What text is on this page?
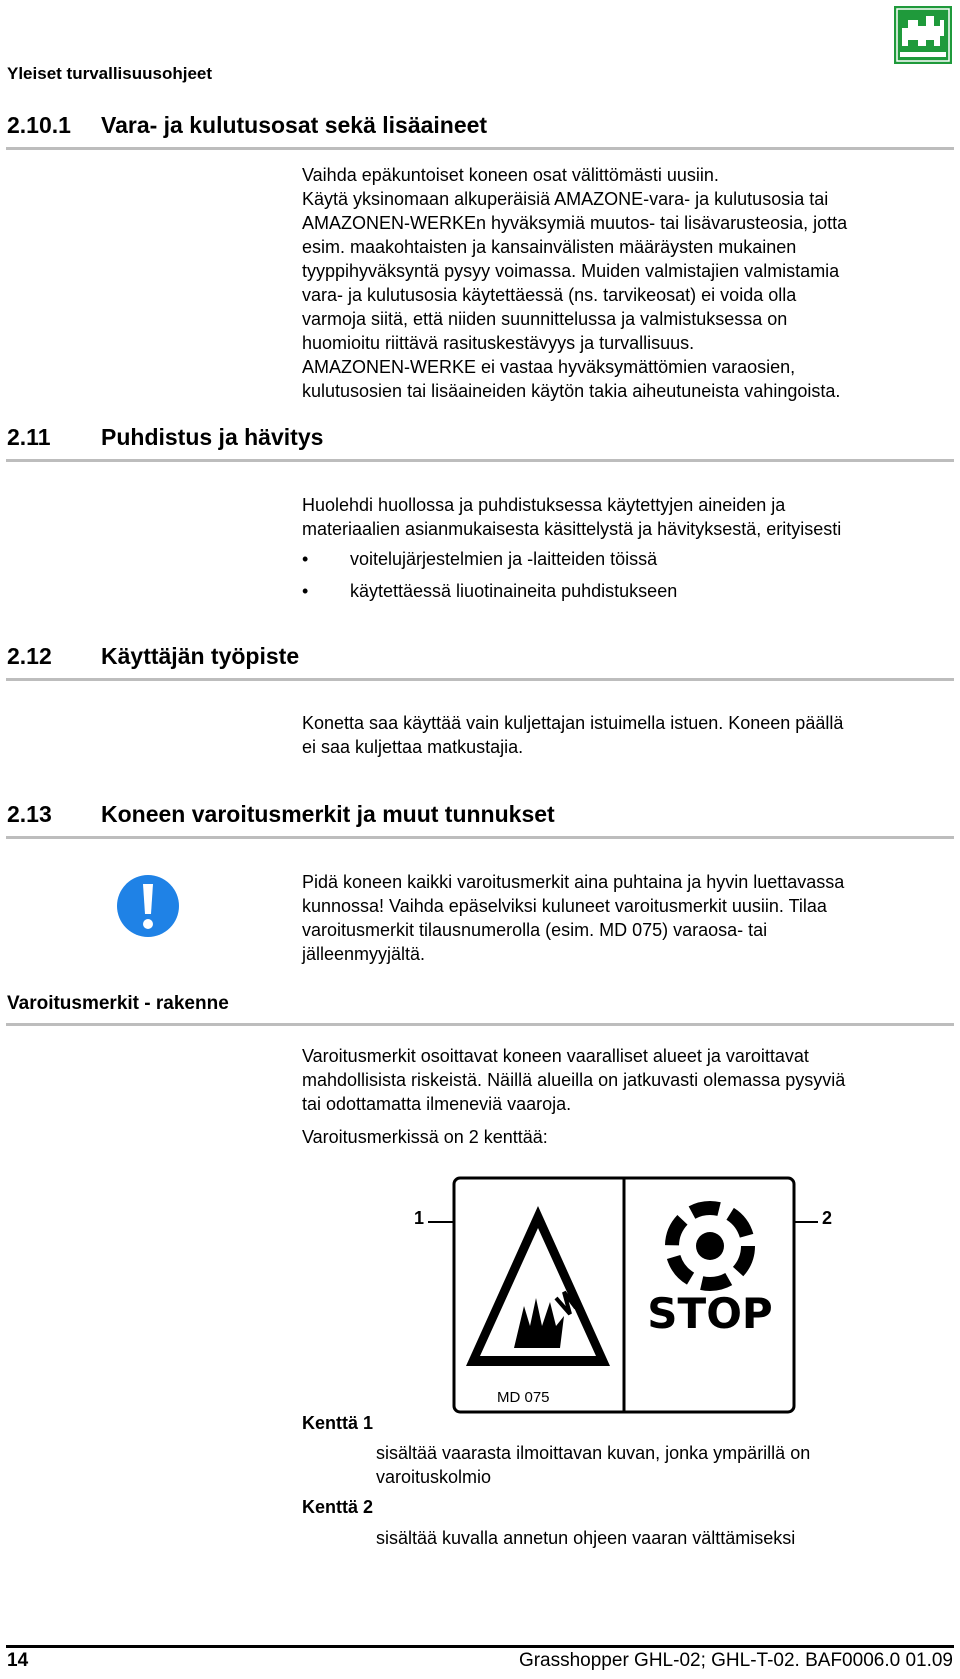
Yleiset turvallisuusohjeet
2.10.1 Vara- ja kulutusosat sekä lisäaineet

Vaihda epäkuntoiset koneen osat välittömästi uusiin.

Käytä yksinomaan alkuperäisiä AMAZONE-vara- ja kulutusosia tai

AMAZONEN-WERKEn hyväksymiä muutos- tai lisävarusteosia, jotta

esim. maakohtaisten ja kansainvälisten määräysten mukainen

tyyppihyväksyntä pysyy voimassa. Muiden valmistajien valmistamia

vara- ja kulutusosia käytettäessä (ns. tarvikeosat) ei voida olla

varmoja siitä, että niiden suunnittelussa ja valmistuksessa on

huomioitu riittävä rasituskestävyys ja turvallisuus.

AMAZONEN-WERKE ei vastaa hyväksymättömien varaosien,

kulutusosien tai lisäaineiden käytön takia aiheutuneista vahingoista.

2.11 Puhdistus ja hävitys

Huolehdi huollossa ja puhdistuksessa käytettyjen aineiden ja

materiaalien asianmukaisesta käsittelystä ja hävityksestä, erityisesti

• voitelujärjestelmien ja -laitteiden töissä
• käytettäessä liuotinaineita puhdistukseen
2.12 Käyttäjän työpiste

Konetta saa käyttää vain kuljettajan istuimella istuen. Koneen päällä

ei saa kuljettaa matkustajia.

2.13 Koneen varoitusmerkit ja muut tunnukset

Pidä koneen kaikki varoitusmerkit aina puhtaina ja hyvin luettavassa

kunnossa! Vaihda epäselviksi kuluneet varoitusmerkit uusiin. Tilaa

varoitusmerkit tilausnumerolla (esim. MD 075) varaosa- tai

jälleenmyyjältä.

Varoitusmerkit - rakenne

Varoitusmerkit osoittavat koneen vaaralliset alueet ja varoittavat

mahdollisista riskeistä. Näillä alueilla on jatkuvasti olemassa pysyviä

tai odottamatta ilmeneviä vaaroja.

Varoitusmerkissä on 2 kenttää:
1	2
STOP
MD 075
Kenttä 1
sisältää vaarasta ilmoittavan kuvan, jonka ympärillä on
varoituskolmio
Kenttä 2
sisältää kuvalla annetun ohjeen vaaran välttämiseksi
14	Grasshopper GHL-02; GHL-T-02. BAF0006.0 01.09
